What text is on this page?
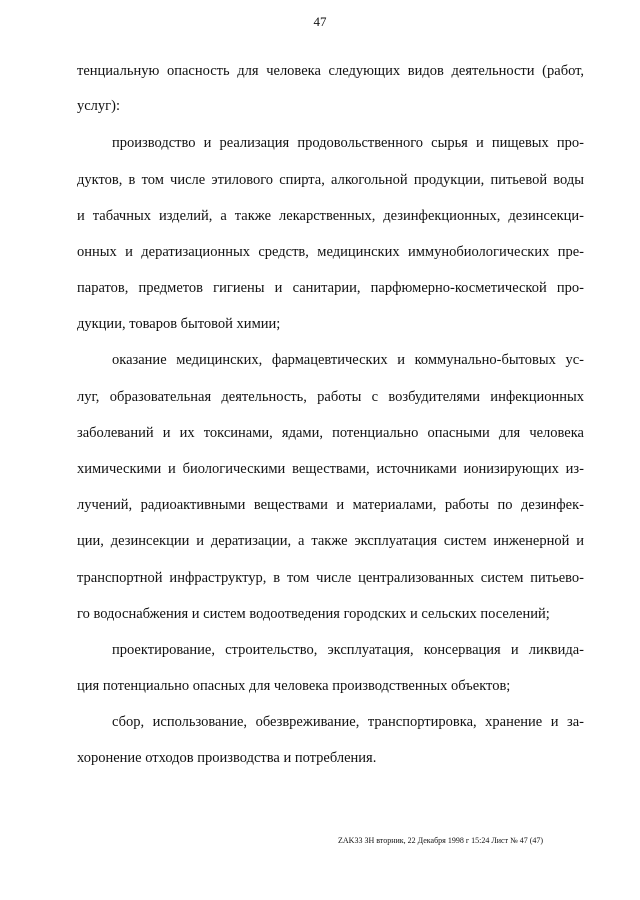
47
тенциальную опасность для человека следующих видов деятельности (работ,
услуг):
производство и реализация продовольственного сырья и пищевых про-
дуктов, в том числе этилового спирта, алкогольной продукции, питьевой воды
и табачных изделий, а также лекарственных, дезинфекционных, дезинсекци-
онных и дератизационных средств, медицинских иммунобиологических пре-
паратов, предметов гигиены и санитарии, парфюмерно-косметической про-
дукции, товаров бытовой химии;
оказание медицинских, фармацевтических и коммунально-бытовых ус-
луг, образовательная деятельность, работы с возбудителями инфекционных
заболеваний и их токсинами, ядами, потенциально опасными для человека
химическими и биологическими веществами, источниками ионизирующих из-
лучений, радиоактивными веществами и материалами, работы по дезинфек-
ции, дезинсекции и дератизации, а также эксплуатация систем инженерной и
транспортной инфраструктур, в том числе централизованных систем питьево-
го водоснабжения и систем водоотведения городских и сельских поселений;
проектирование, строительство, эксплуатация, консервация и ликвида-
ция потенциально опасных для человека производственных объектов;
сбор, использование, обезвреживание, транспортировка, хранение и за-
хоронение отходов производства и потребления.
ZAK33 ЗН вторник, 22 Декабря 1998 г 15:24 Лист № 47 (47)
